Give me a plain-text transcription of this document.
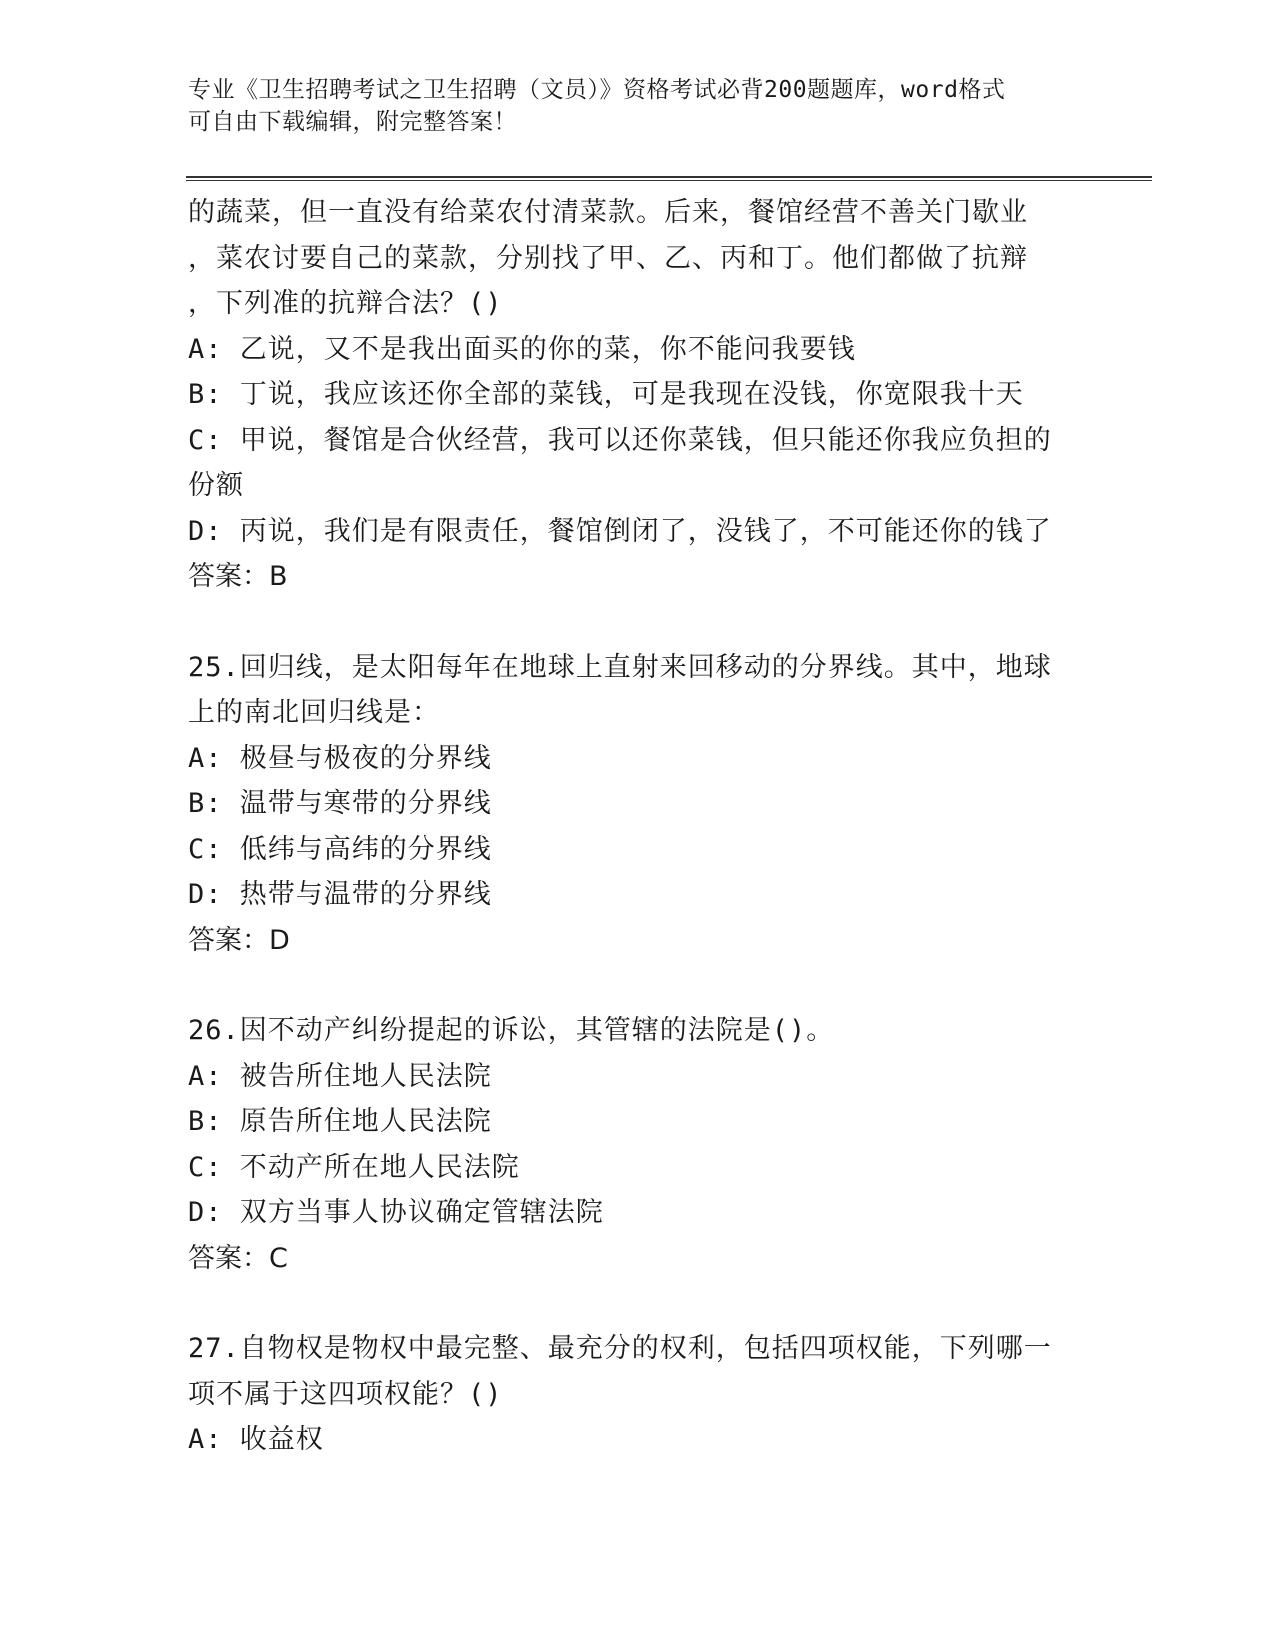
专业《卫生招聘考试之卫生招聘（文员）》资格考试必背200题题库，word格式
可自由下载编辑，附完整答案！
的蔬菜，但一直没有给菜农付清菜款。后来，餐馆经营不善关门歇业
，菜农讨要自己的菜款，分别找了甲、乙、丙和丁。他们都做了抗辩
，下列准的抗辩合法？()
A: 乙说，又不是我出面买的你的菜，你不能问我要钱
B: 丁说，我应该还你全部的菜钱，可是我现在没钱，你宽限我十天
C: 甲说，餐馆是合伙经营，我可以还你菜钱，但只能还你我应负担的
份额
D: 丙说，我们是有限责任，餐馆倒闭了，没钱了，不可能还你的钱了
答案：B
25.回归线，是太阳每年在地球上直射来回移动的分界线。其中，地球
上的南北回归线是：
A: 极昼与极夜的分界线
B: 温带与寒带的分界线
C: 低纬与高纬的分界线
D: 热带与温带的分界线
答案：D
26.因不动产纠纷提起的诉讼，其管辖的法院是()。
A: 被告所住地人民法院
B: 原告所住地人民法院
C: 不动产所在地人民法院
D: 双方当事人协议确定管辖法院
答案：C
27.自物权是物权中最完整、最充分的权利，包括四项权能，下列哪一
项不属于这四项权能？()
A: 收益权
